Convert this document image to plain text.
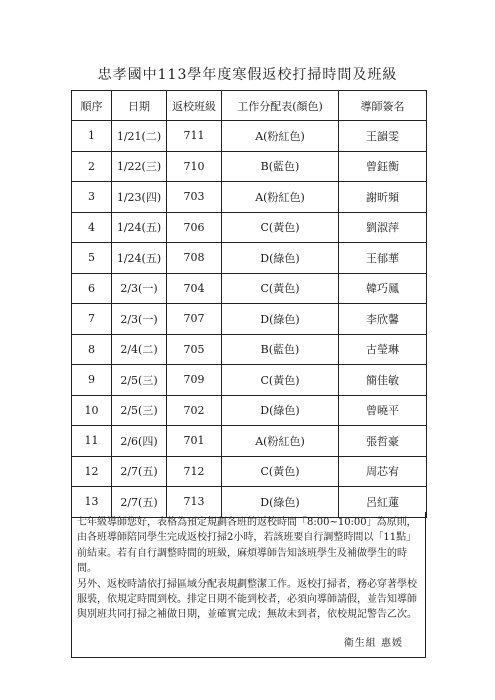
忠孝國中113學年度寒假返校打掃時間及班級
順序	日期	返校班級	工作分配表(顏色)	導師簽名
1	1/21(二)	711	A(粉紅色)	王韻雯
2	1/22(三)	710	B(藍色)	曾鈺衡
3	1/23(四)	703	A(粉紅色)	謝昕頻
4	1/24(五)	706	C(黃色)	劉淑萍
5	1/24(五)	708	D(綠色)	王郁華
6	2/3(一)	704	C(黃色)	韓巧鳳
7	2/3(一)	707	D(綠色)	李欣馨
8	2/4(二)	705	B(藍色)	古瑩琳
9	2/5(三)	709	C(黃色)	簡佳敏
10	2/5(三)	702	D(綠色)	曾曉平
11	2/6(四)	701	A(粉紅色)	張哲豪
12	2/7(五)	712	C(黃色)	周芯宥
13	2/7(五)	713	D(綠色)	呂紅蓮

七年級導師您好，表格為預定規劃各班的返校時間「8:00~10:00」為原則，由各班導師陪同學生完成返校打掃2小時，若該班要自行調整時間以「11點」前結束。若有自行調整時間的班級，麻煩導師告知該班學生及補做學生的時間。

另外、返校時請依打掃區域分配表規劃整潔工作。返校打掃者，務必穿著學校服裝，依規定時間到校。排定日期不能到校者，必須向導師請假，並告知導師與別班共同打掃之補做日期，並確實完成；無故未到者，依校規記警告乙次。

衛生組 惠媛
